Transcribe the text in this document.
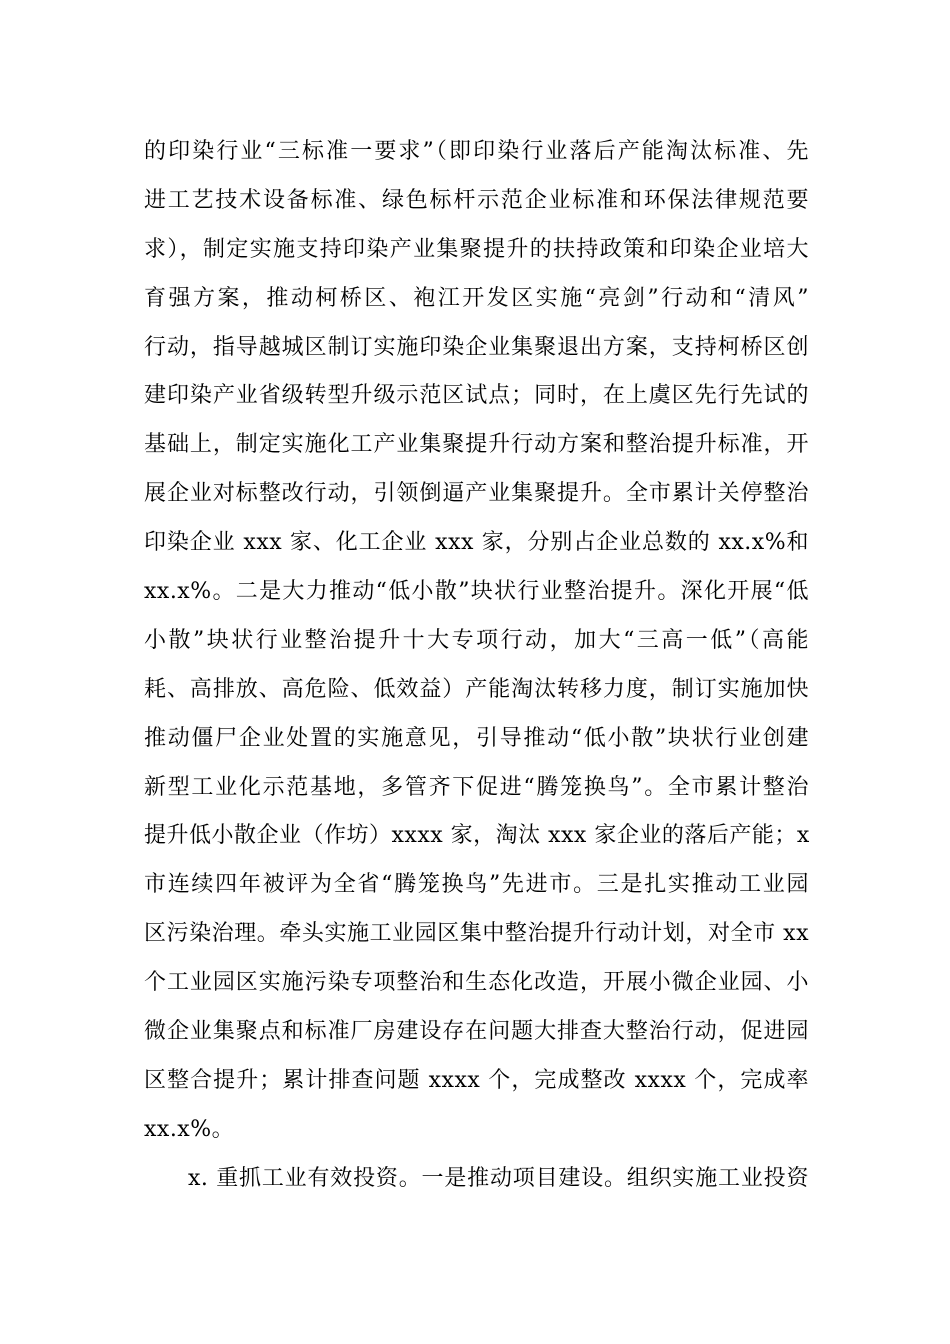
的印染行业“三标准一要求”（即印染行业落后产能淘汰标准、先
进工艺技术设备标准、绿色标杆示范企业标准和环保法律规范要
求），制定实施支持印染产业集聚提升的扶持政策和印染企业培大
育强方案，推动柯桥区、袍江开发区实施“亮剑”行动和“清风”
行动，指导越城区制订实施印染企业集聚退出方案，支持柯桥区创
建印染产业省级转型升级示范区试点；同时，在上虞区先行先试的
基础上，制定实施化工产业集聚提升行动方案和整治提升标准，开
展企业对标整改行动，引领倒逼产业集聚提升。全市累计关停整治
印染企业 xxx 家、化工企业 xxx 家，分别占企业总数的 xx.x%和
xx.x%。二是大力推动“低小散”块状行业整治提升。深化开展“低
小散”块状行业整治提升十大专项行动，加大“三高一低”（高能
耗、高排放、高危险、低效益）产能淘汰转移力度，制订实施加快
推动僵尸企业处置的实施意见，引导推动“低小散”块状行业创建
新型工业化示范基地，多管齐下促进“腾笼换鸟”。全市累计整治
提升低小散企业（作坊）xxxx 家，淘汰 xxx 家企业的落后产能；x
市连续四年被评为全省“腾笼换鸟”先进市。三是扎实推动工业园
区污染治理。牵头实施工业园区集中整治提升行动计划，对全市 xx
个工业园区实施污染专项整治和生态化改造，开展小微企业园、小
微企业集聚点和标准厂房建设存在问题大排查大整治行动，促进园
区整合提升；累计排查问题 xxxx 个，完成整改 xxxx 个，完成率
xx.x%。
x. 重抓工业有效投资。一是推动项目建设。组织实施工业投资
